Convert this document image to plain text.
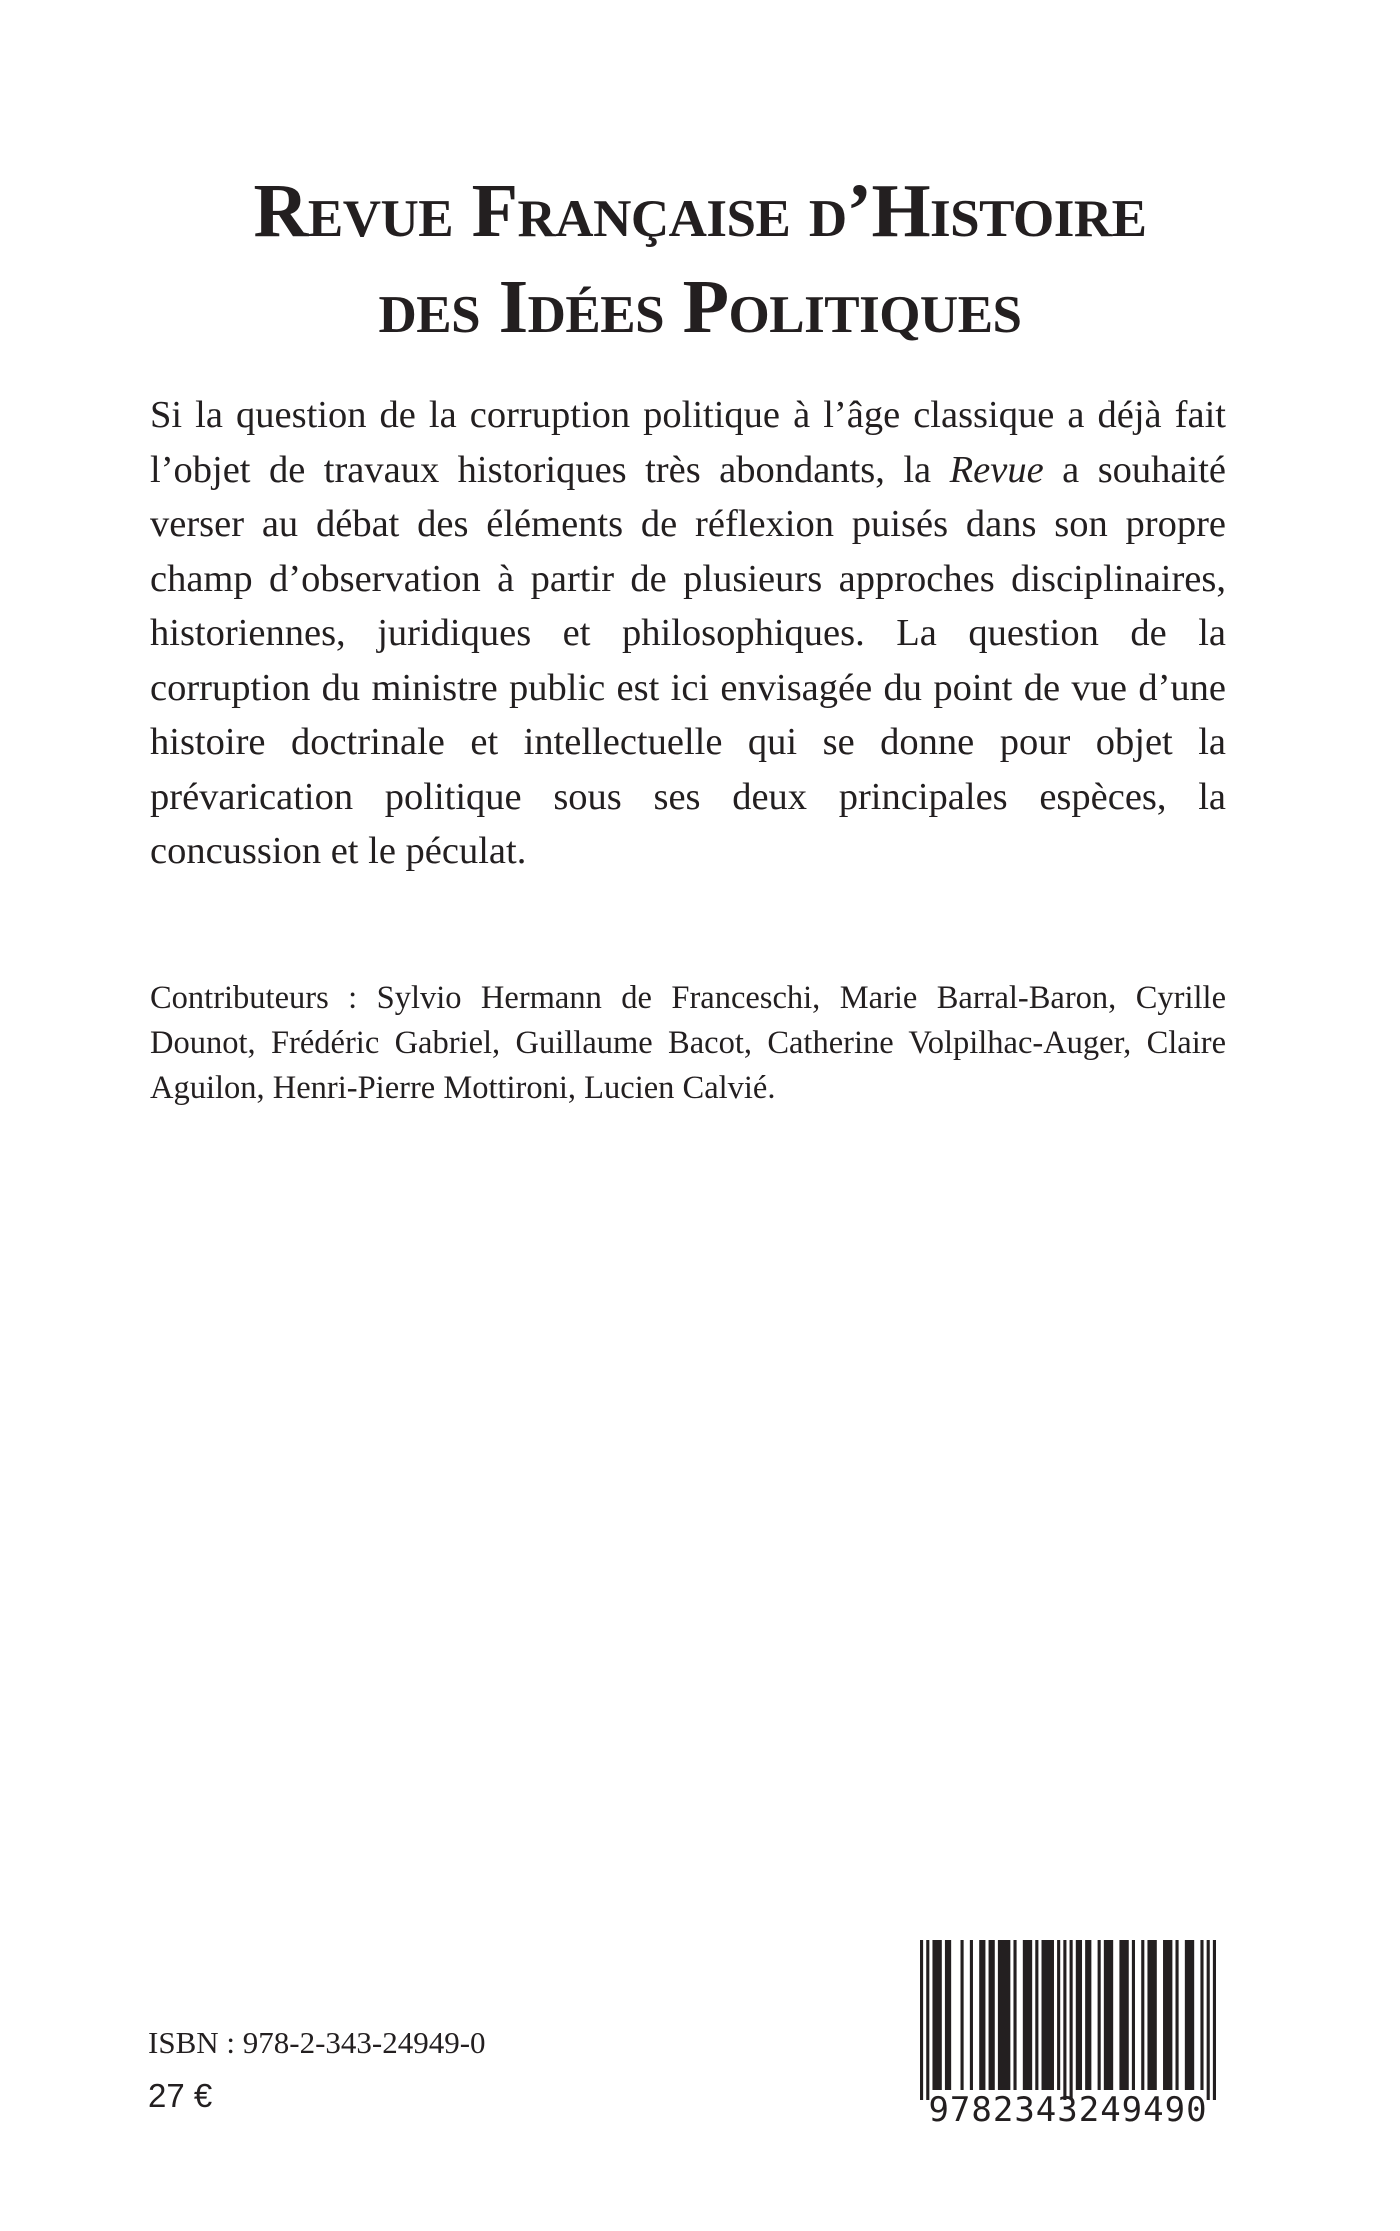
Revue Française d’Histoire
des Idées Politiques

Si la question de la corruption politique à l’âge classique a déjà fait l’objet de travaux historiques très abondants, la Revue a souhaité verser au débat des éléments de réflexion puisés dans son propre champ d’observation à partir de plusieurs approches disciplinaires, historiennes, juridiques et philosophiques. La question de la corruption du ministre public est ici envisagée du point de vue d’une histoire doctrinale et intellectuelle qui se donne pour objet la prévarication politique sous ses deux principales espèces, la concussion et le péculat.

Contributeurs : Sylvio Hermann de Franceschi, Marie Barral-Baron, Cyrille Dounot, Frédéric Gabriel, Guillaume Bacot, Catherine Volpilhac-Auger, Claire Aguilon, Henri-Pierre Mottironi, Lucien Calvié.

ISBN : 978-2-343-24949-0
27 €	9782343249490
